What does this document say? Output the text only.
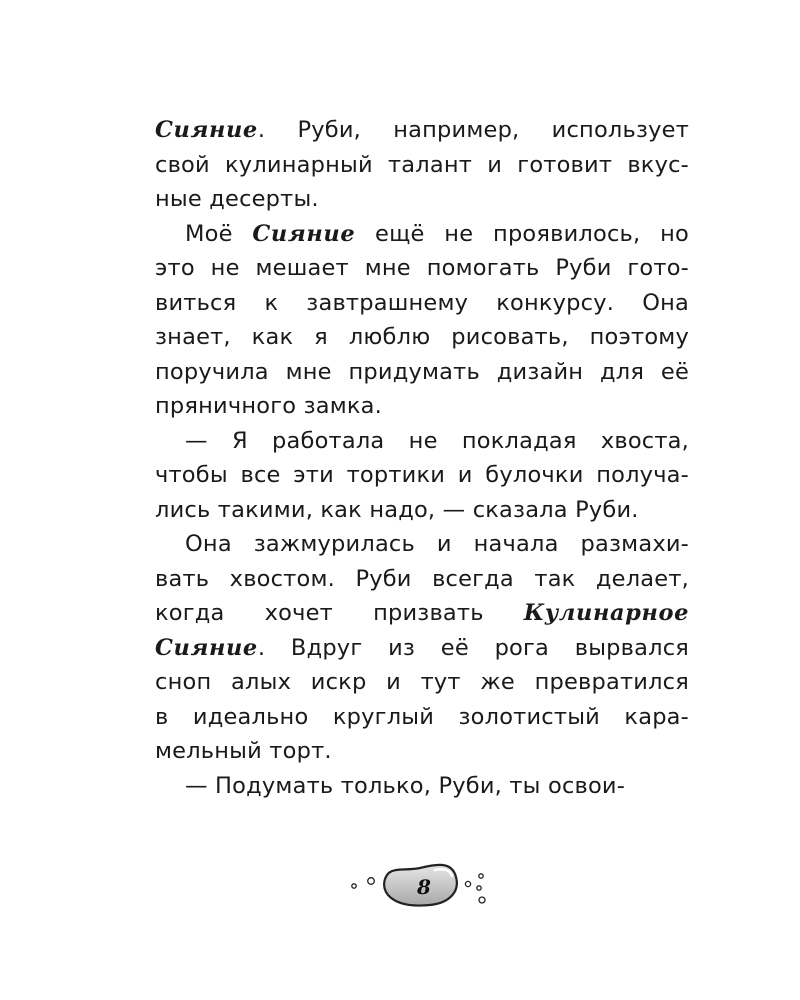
Сияние. Руби, например, использует
свой кулинарный талант и готовит вкус-
ные десерты.
Моё Сияние ещё не проявилось, но
это не мешает мне помогать Руби гото-
виться к завтрашнему конкурсу. Она
знает, как я люблю рисовать, поэтому
поручила мне придумать дизайн для её
пряничного замка.
— Я работала не покладая хвоста,
чтобы все эти тортики и булочки получа-
лись такими, как надо, — сказала Руби.
Она зажмурилась и начала размахи-
вать хвостом. Руби всегда так делает,
когда хочет призвать Кулинарное
Сияние. Вдруг из её рога вырвался
сноп алых искр и тут же превратился
в идеально круглый золотистый кара-
мельный торт.
— Подумать только, Руби, ты освои-
8
